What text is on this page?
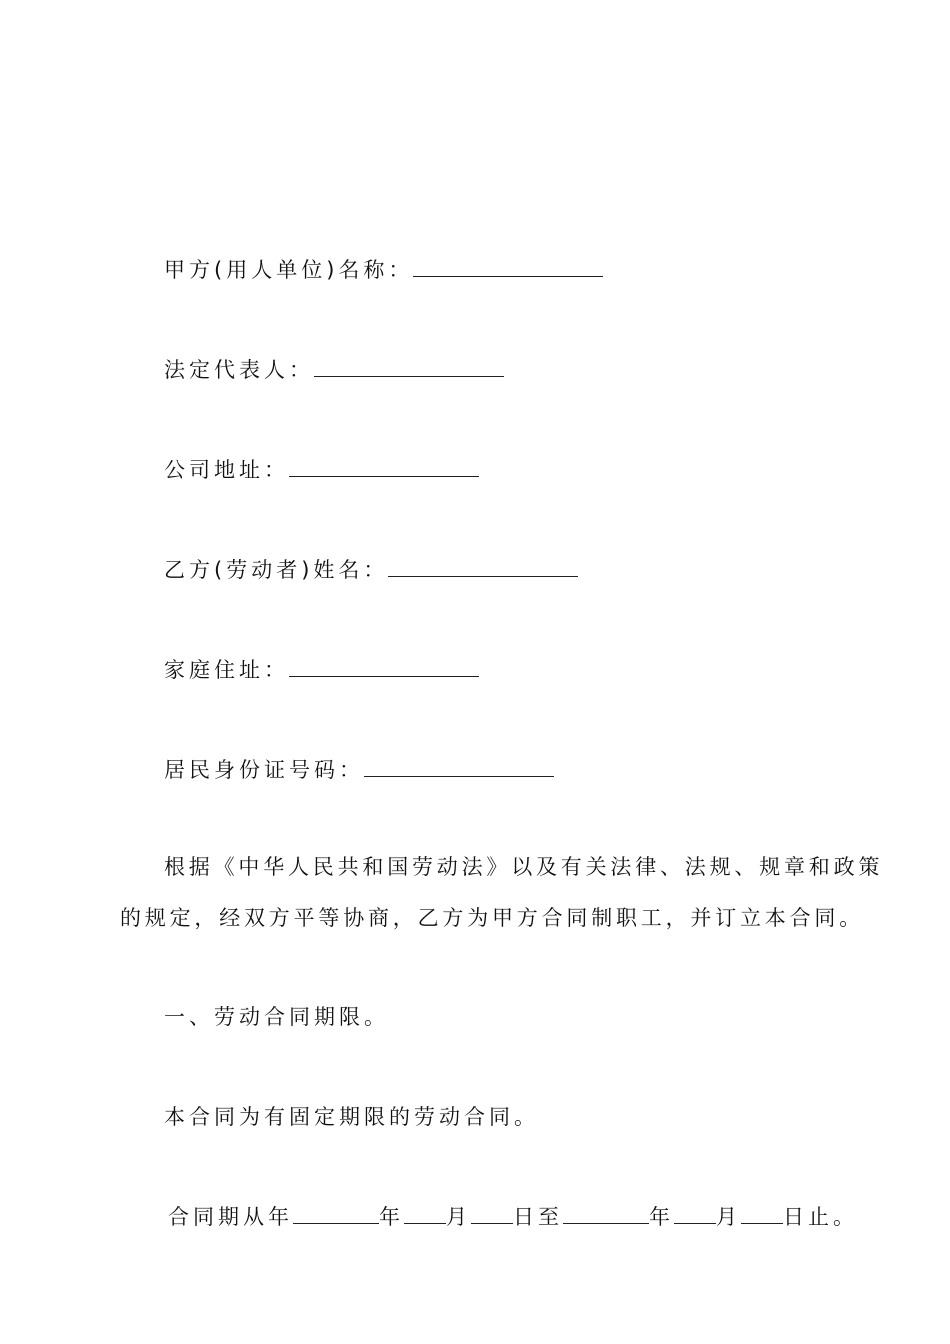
甲方(用人单位)名称：
法定代表人：
公司地址：
乙方(劳动者)姓名：
家庭住址：
居民身份证号码：
根据《中华人民共和国劳动法》以及有关法律、法规、规章和政策
的规定，经双方平等协商，乙方为甲方合同制职工，并订立本合同。
一、劳动合同期限。
本合同为有固定期限的劳动合同。
合同期从年	年 月 日至	年 月 日止。
